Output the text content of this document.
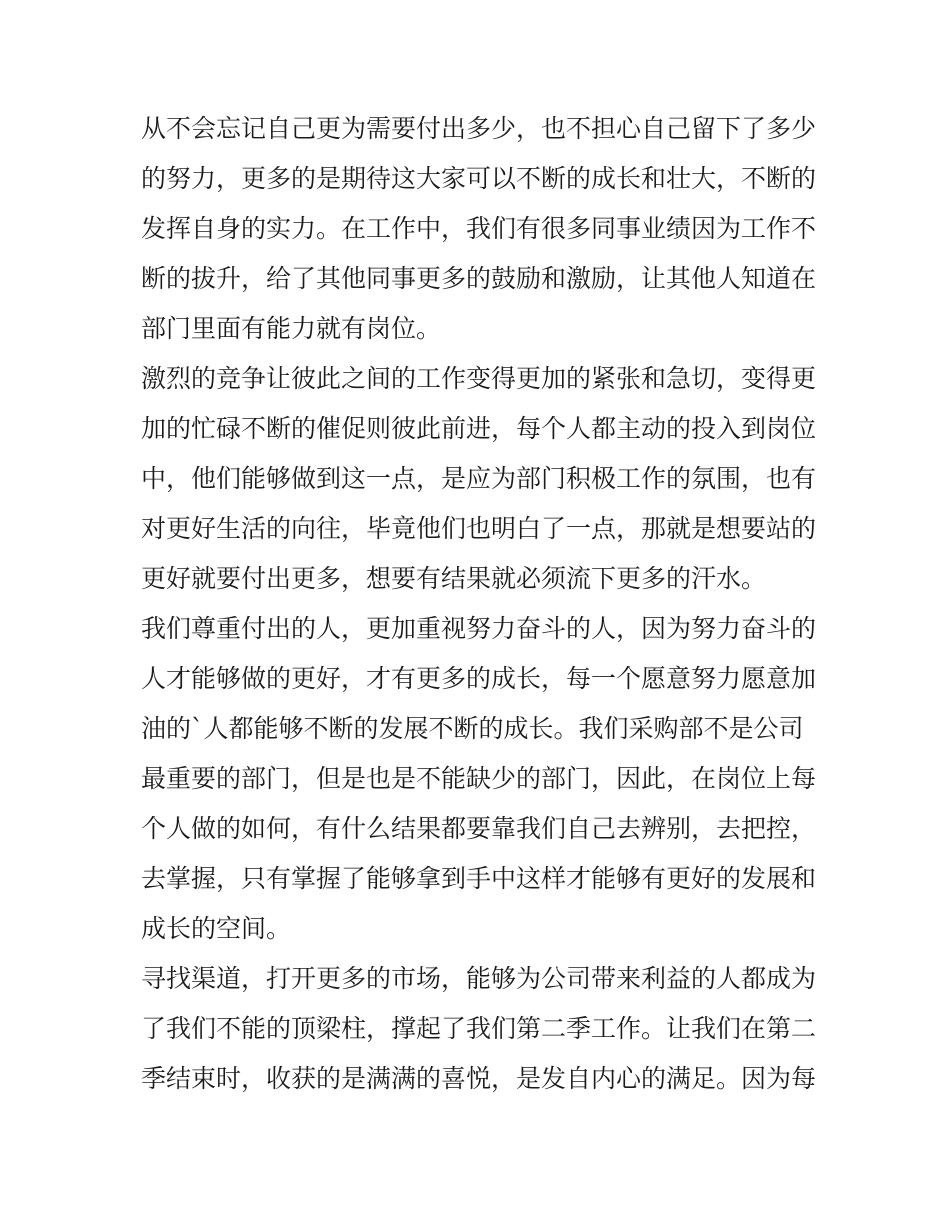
从不会忘记自己更为需要付出多少，也不担心自己留下了多少
的努力，更多的是期待这大家可以不断的成长和壮大，不断的
发挥自身的实力。在工作中，我们有很多同事业绩因为工作不
断的拔升，给了其他同事更多的鼓励和激励，让其他人知道在
部门里面有能力就有岗位。
激烈的竞争让彼此之间的工作变得更加的紧张和急切，变得更
加的忙碌不断的催促则彼此前进，每个人都主动的投入到岗位
中，他们能够做到这一点，是应为部门积极工作的氛围，也有
对更好生活的向往，毕竟他们也明白了一点，那就是想要站的
更好就要付出更多，想要有结果就必须流下更多的汗水。
我们尊重付出的人，更加重视努力奋斗的人，因为努力奋斗的
人才能够做的更好，才有更多的成长，每一个愿意努力愿意加
油的`人都能够不断的发展不断的成长。我们采购部不是公司
最重要的部门，但是也是不能缺少的部门，因此，在岗位上每
个人做的如何，有什么结果都要靠我们自己去辨别，去把控，
去掌握，只有掌握了能够拿到手中这样才能够有更好的发展和
成长的空间。
寻找渠道，打开更多的市场，能够为公司带来利益的人都成为
了我们不能的顶梁柱，撑起了我们第二季工作。让我们在第二
季结束时，收获的是满满的喜悦，是发自内心的满足。因为每
